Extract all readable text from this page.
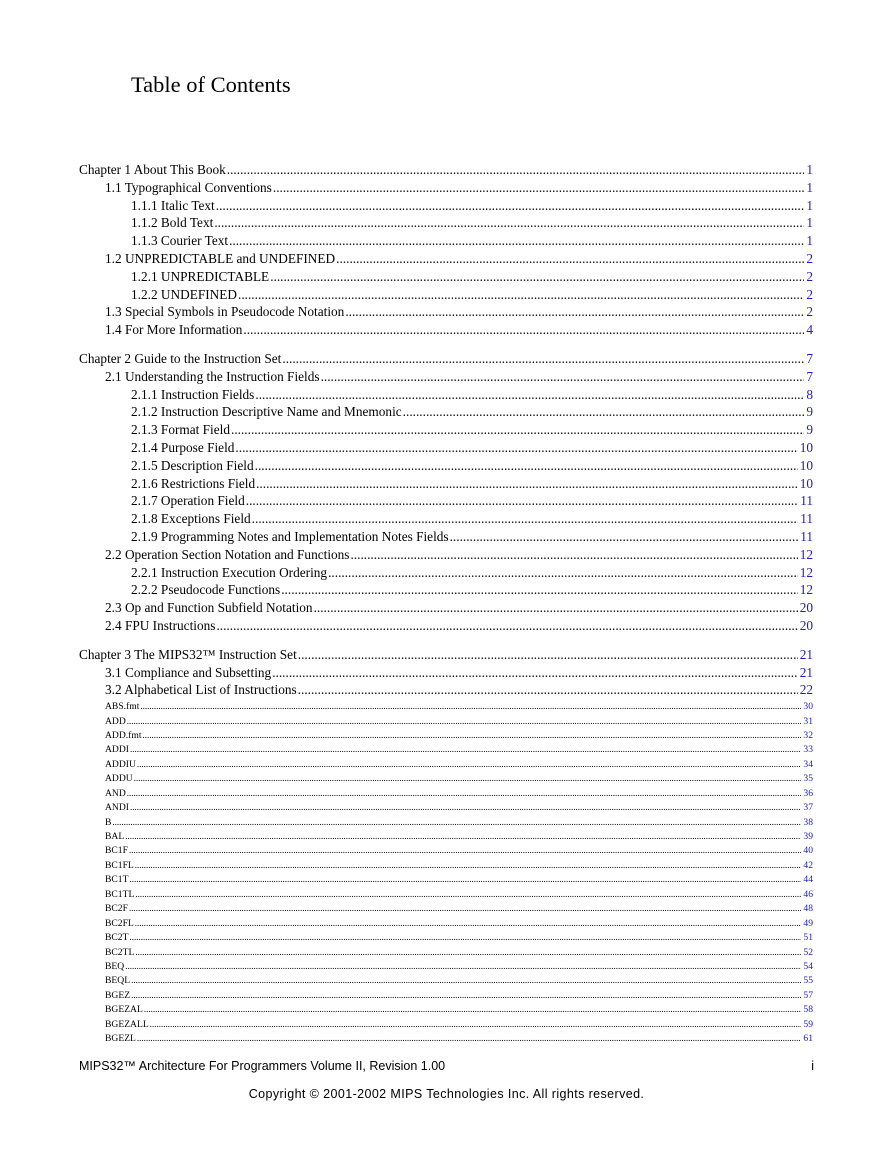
Table of Contents
Chapter 1 About This Book .....	1
1.1 Typographical Conventions .....	1
1.1.1 Italic Text .....	1
1.1.2 Bold Text .....	1
1.1.3 Courier Text .....	1
1.2 UNPREDICTABLE and UNDEFINED .....	2
1.2.1 UNPREDICTABLE .....	2
1.2.2 UNDEFINED .....	2
1.3 Special Symbols in Pseudocode Notation .....	2
1.4 For More Information .....	4
Chapter 2 Guide to the Instruction Set .....	7
2.1 Understanding the Instruction Fields .....	7
2.1.1 Instruction Fields .....	8
2.1.2 Instruction Descriptive Name and Mnemonic .....	9
2.1.3 Format Field .....	9
2.1.4 Purpose Field .....	10
2.1.5 Description Field .....	10
2.1.6 Restrictions Field .....	10
2.1.7 Operation Field .....	11
2.1.8 Exceptions Field .....	11
2.1.9 Programming Notes and Implementation Notes Fields .....	11
2.2 Operation Section Notation and Functions .....	12
2.2.1 Instruction Execution Ordering .....	12
2.2.2 Pseudocode Functions .....	12
2.3 Op and Function Subfield Notation .....	20
2.4 FPU Instructions .....	20
Chapter 3 The MIPS32™ Instruction Set .....	21
3.1 Compliance and Subsetting .....	21
3.2 Alphabetical List of Instructions .....	22
ABS.fmt .....	30
ADD .....	31
ADD.fmt .....	32
ADDI .....	33
ADDIU .....	34
ADDU .....	35
AND .....	36
ANDI .....	37
B .....	38
BAL .....	39
BC1F .....	40
BC1FL .....	42
BC1T .....	44
BC1TL .....	46
BC2F .....	48
BC2FL .....	49
BC2T .....	51
BC2TL .....	52
BEQ .....	54
BEQL .....	55
BGEZ .....	57
BGEZAL .....	58
BGEZALL .....	59
BGEZL .....	61
MIPS32™ Architecture For Programmers Volume II, Revision 1.00	i
Copyright © 2001-2002 MIPS Technologies Inc. All rights reserved.
